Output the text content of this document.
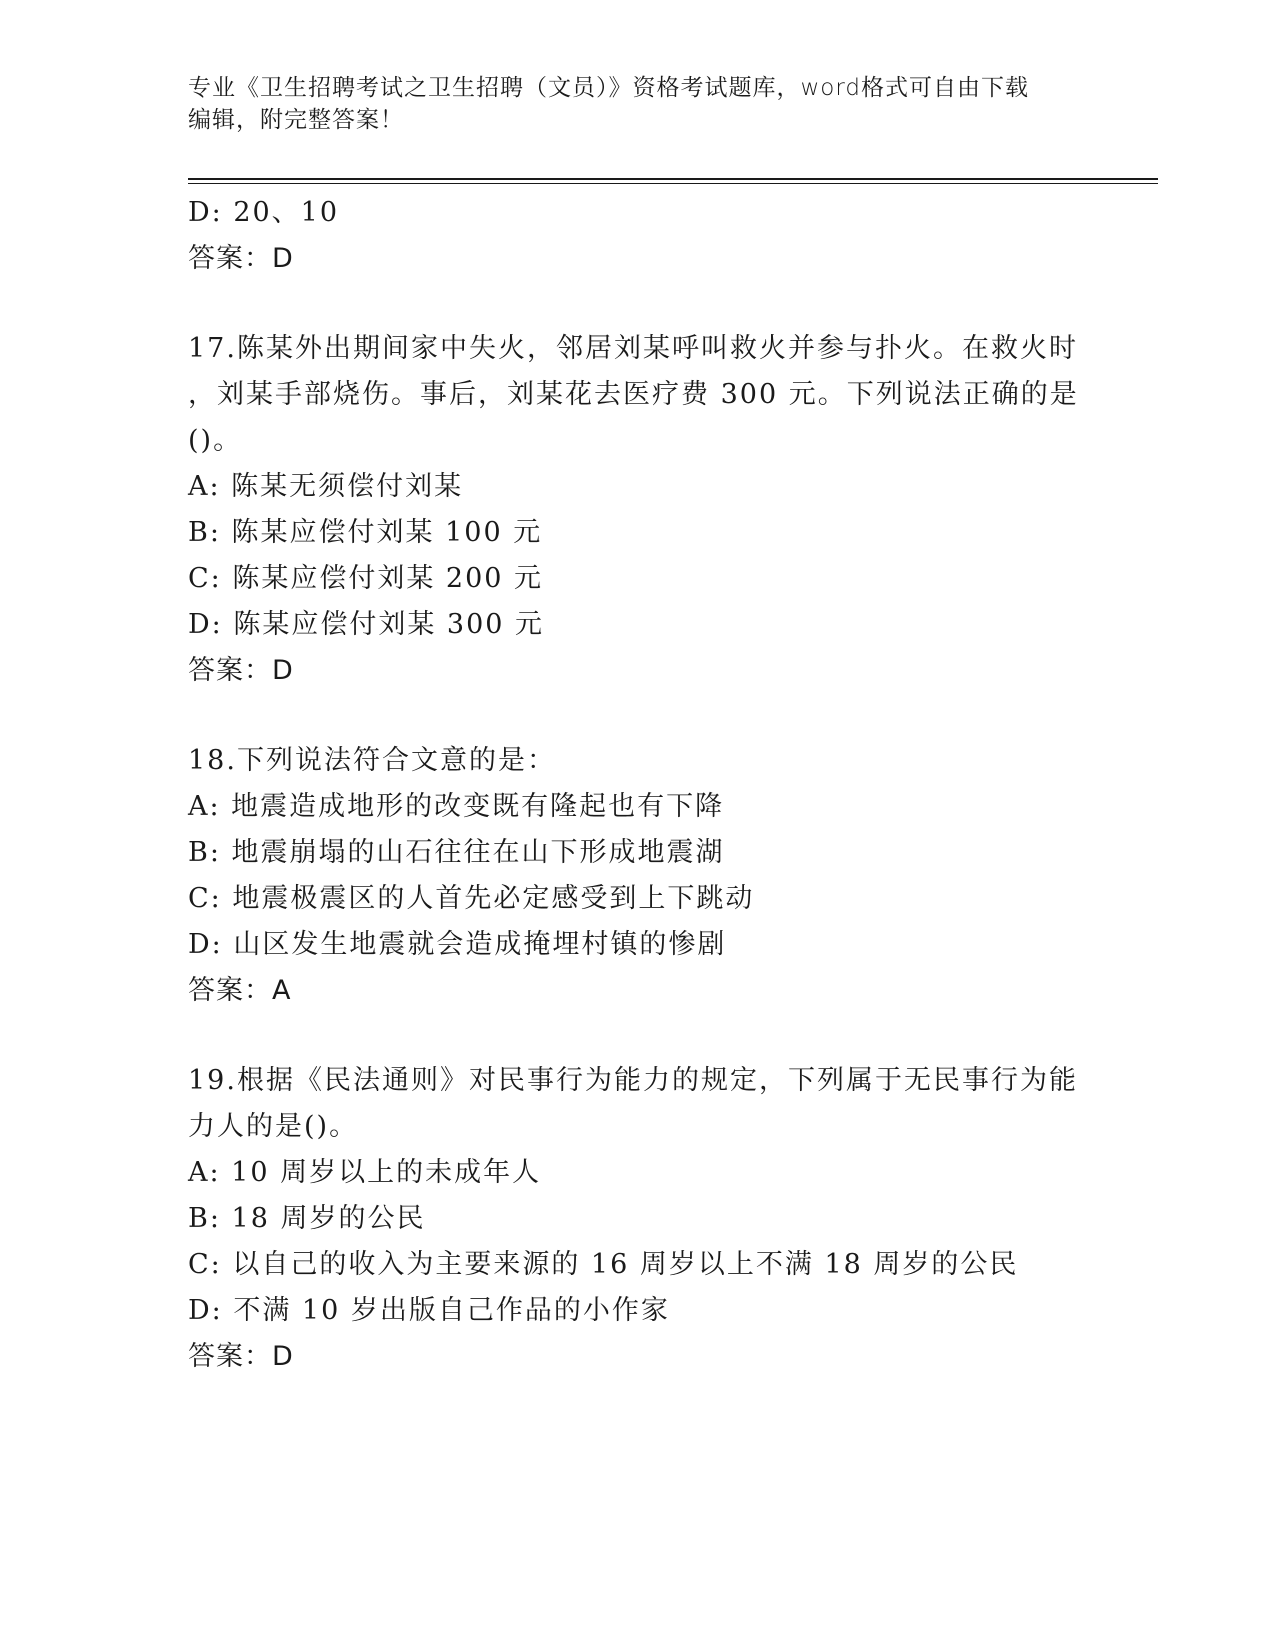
专业《卫生招聘考试之卫生招聘（文员）》资格考试题库，word格式可自由下载
编辑，附完整答案！
D: 20、10
答案：D
17.陈某外出期间家中失火，邻居刘某呼叫救火并参与扑火。在救火时
，刘某手部烧伤。事后，刘某花去医疗费 300 元。下列说法正确的是
()。
A: 陈某无须偿付刘某
B: 陈某应偿付刘某 100 元
C: 陈某应偿付刘某 200 元
D: 陈某应偿付刘某 300 元
答案：D
18.下列说法符合文意的是：
A: 地震造成地形的改变既有隆起也有下降
B: 地震崩塌的山石往往在山下形成地震湖
C: 地震极震区的人首先必定感受到上下跳动
D: 山区发生地震就会造成掩埋村镇的惨剧
答案：A
19.根据《民法通则》对民事行为能力的规定，下列属于无民事行为能
力人的是()。
A: 10 周岁以上的未成年人
B: 18 周岁的公民
C: 以自己的收入为主要来源的 16 周岁以上不满 18 周岁的公民
D: 不满 10 岁出版自己作品的小作家
答案：D
